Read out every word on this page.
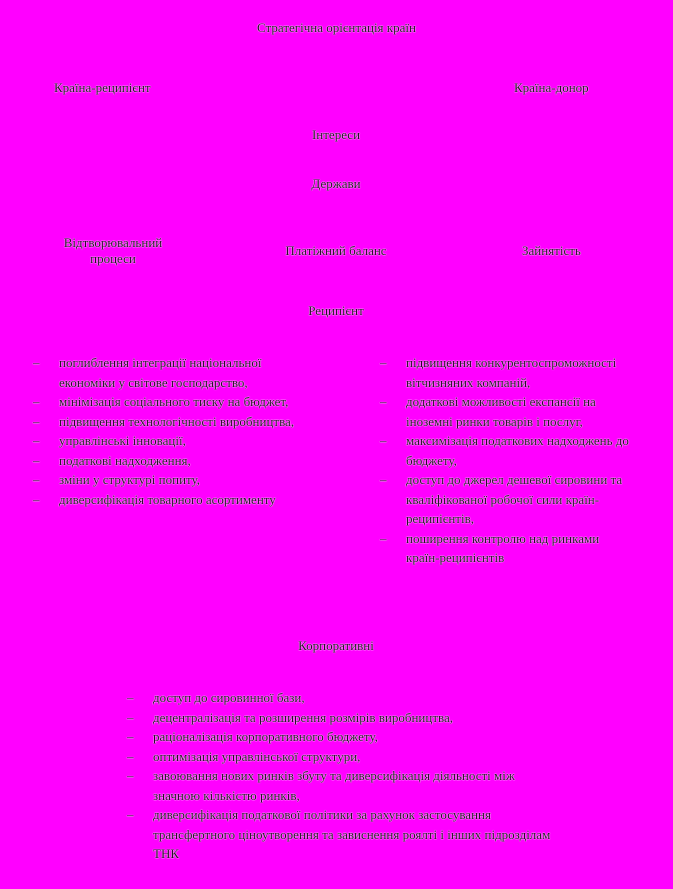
Стратегічна орієнтація країн
Країна-реципієнт	Країна-донор
Інтереси
Держави
Відтворювальний процеси
Платіжний баланс	Зайнятість
Реципієнт
– поглиблення інтеграції національної економіки у світове господарство,
– мінімізація соціального тиску на бюджет,
– підвищення технологічності виробництва,
– управлінські інновації,
– податкові надходження,
– зміни у структурі попиту,
– диверсифікація товарного асортименту
– підвищення конкурентоспроможності вітчизняних компаній,
– додаткові можливості експансії на іноземні ринки товарів і послуг,
– максимізація податкових надходжень до бюджету,
– доступ до джерел дешевої сировини та кваліфікованої робочої сили країн-реципієнтів,
– поширення контролю над ринками країн-реципієнтів
Корпоративні
– доступ до сировинної бази,
– децентралізація та розширення розмірів виробництва,
– раціоналізація корпоративного бюджету,
– оптимізація управлінської структури,
– завоювання нових ринків збуту та диверсифікація діяльності між значною кількістю ринків,
– диверсифікація податкової політики за рахунок застосування трансфертного ціноутворення та зависнення роялті і інших підрозділам ТНК
